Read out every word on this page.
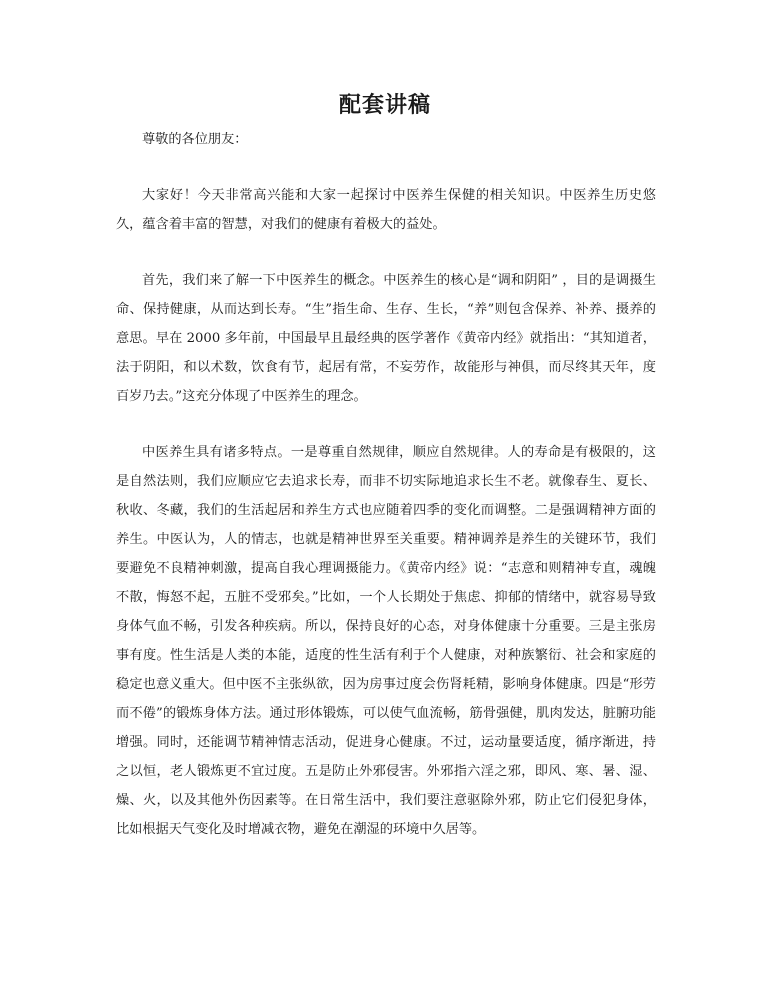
配套讲稿

尊敬的各位朋友：

大家好！今天非常高兴能和大家一起探讨中医养生保健的相关知识。中医养生历史悠久，蕴含着丰富的智慧，对我们的健康有着极大的益处。

首先，我们来了解一下中医养生的概念。中医养生的核心是“调和阴阳” ，目的是调摄生命、保持健康，从而达到长寿。“生”指生命、生存、生长，“养”则包含保养、补养、摄养的意思。早在 2000 多年前，中国最早且最经典的医学著作《黄帝内经》就指出：“其知道者，法于阴阳，和以术数，饮食有节，起居有常，不妄劳作，故能形与神俱，而尽终其天年，度百岁乃去。”这充分体现了中医养生的理念。

中医养生具有诸多特点。一是尊重自然规律，顺应自然规律。人的寿命是有极限的，这是自然法则，我们应顺应它去追求长寿，而非不切实际地追求长生不老。就像春生、夏长、秋收、冬藏，我们的生活起居和养生方式也应随着四季的变化而调整。二是强调精神方面的养生。中医认为，人的情志，也就是精神世界至关重要。精神调养是养生的关键环节，我们要避免不良精神刺激，提高自我心理调摄能力。《黄帝内经》说：“志意和则精神专直，魂魄不散，悔怒不起，五脏不受邪矣。”比如，一个人长期处于焦虑、抑郁的情绪中，就容易导致身体气血不畅，引发各种疾病。所以，保持良好的心态，对身体健康十分重要。三是主张房事有度。性生活是人类的本能，适度的性生活有利于个人健康，对种族繁衍、社会和家庭的稳定也意义重大。但中医不主张纵欲，因为房事过度会伤肾耗精，影响身体健康。四是“形劳而不倦”的锻炼身体方法。通过形体锻炼，可以使气血流畅，筋骨强健，肌肉发达，脏腑功能增强。同时，还能调节精神情志活动，促进身心健康。不过，运动量要适度，循序渐进，持之以恒，老人锻炼更不宜过度。五是防止外邪侵害。外邪指六淫之邪，即风、寒、暑、湿、燥、火，以及其他外伤因素等。在日常生活中，我们要注意驱除外邪，防止它们侵犯身体，比如根据天气变化及时增减衣物，避免在潮湿的环境中久居等。
